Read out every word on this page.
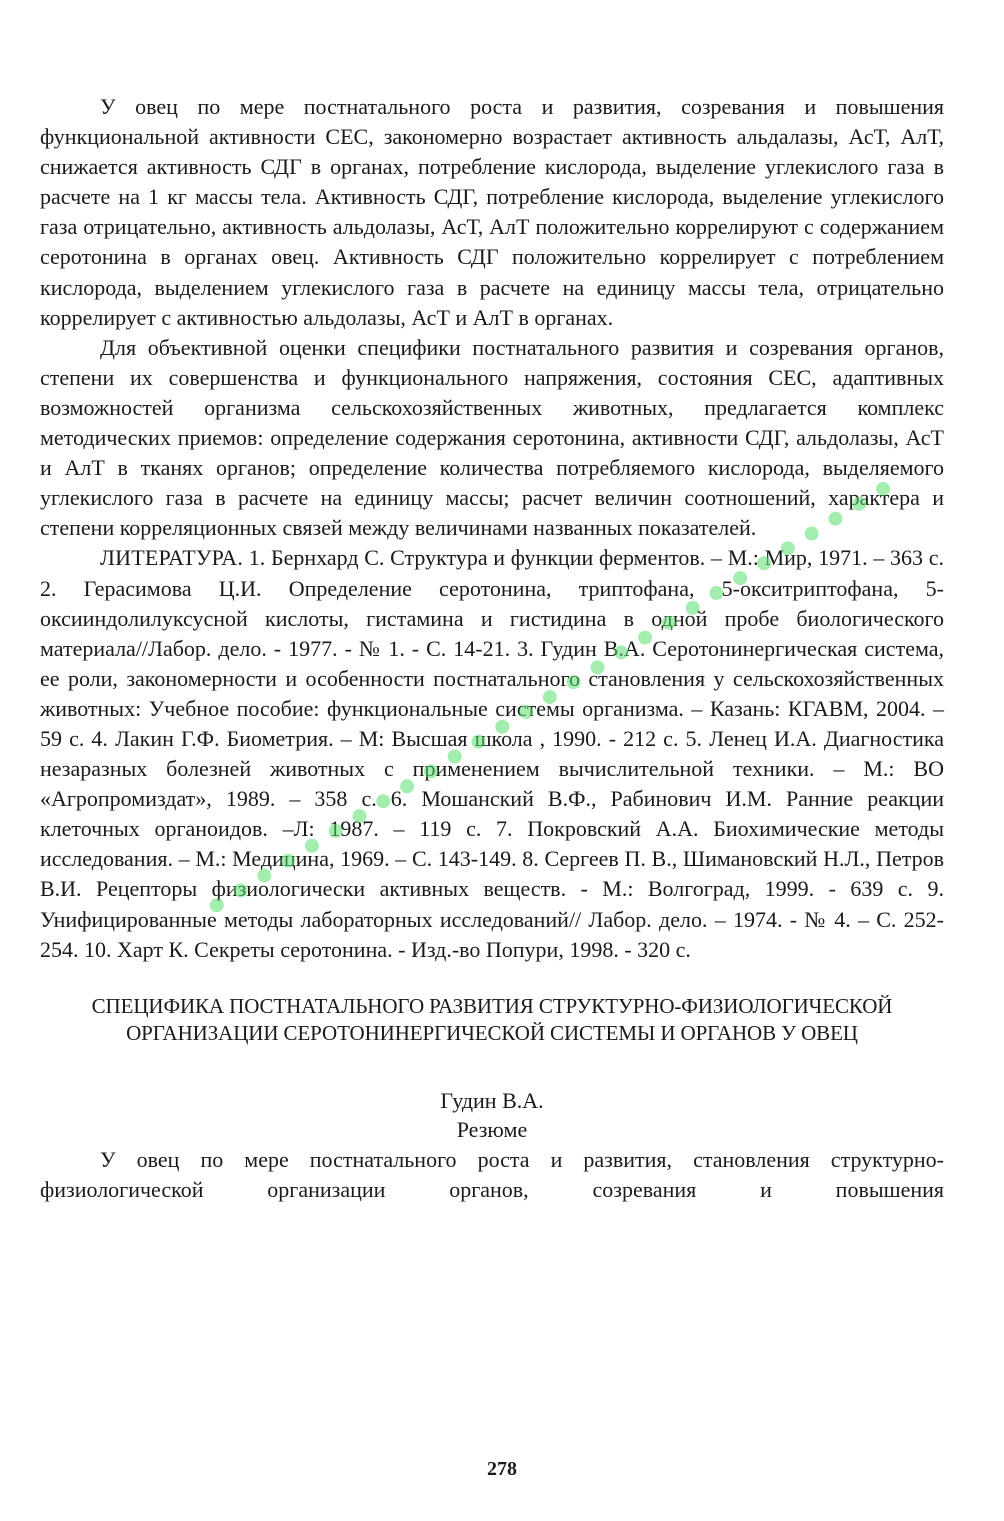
У овец по мере постнатального роста и развития, созревания и повышения функциональной активности СЕС, закономерно возрастает активность альдалазы, АсТ, АлТ, снижается активность СДГ в органах, потребление кислорода, выделение углекислого газа в расчете на 1 кг массы тела. Активность СДГ, потребление кислорода, выделение углекислого газа отрицательно, активность альдолазы, АсТ, АлТ положительно коррелируют с содержанием серотонина в органах овец. Активность СДГ положительно коррелирует с потреблением кислорода, выделением углекислого газа в расчете на единицу массы тела, отрицательно коррелирует с активностью альдолазы, АсТ и АлТ в органах.

Для объективной оценки специфики постнатального развития и созревания органов, степени их совершенства и функционального напряжения, состояния СЕС, адаптивных возможностей организма сельскохозяйственных животных, предлагается комплекс методических приемов: определение содержания серотонина, активности СДГ, альдолазы, АсТ и АлТ в тканях органов; определение количества потребляемого кислорода, выделяемого углекислого газа в расчете на единицу массы; расчет величин соотношений, характера и степени корреляционных связей между величинами названных показателей.

ЛИТЕРАТУРА. 1. Бернхард С. Структура и функции ферментов. – М.: Мир, 1971. – 363 с. 2. Герасимова Ц.И. Определение серотонина, триптофана, 5-окситриптофана, 5-оксииндолилуксусной кислоты, гистамина и гистидина в одной пробе биологического материала//Лабор. дело. - 1977. - № 1. - С. 14-21. 3. Гудин В.А. Серотонинергическая система, ее роли, закономерности и особенности постнатального становления у сельскохозяйственных животных: Учебное пособие: функциональные системы организма. – Казань: КГАВМ, 2004. – 59 с. 4. Лакин Г.Ф. Биометрия. – М: Высшая школа , 1990. - 212 с. 5. Ленец И.А. Диагностика незаразных болезней животных с применением вычислительной техники. – М.: ВО «Агропромиздат», 1989. – 358 с. 6. Мошанский В.Ф., Рабинович И.М. Ранние реакции клеточных органоидов. –Л: 1987. – 119 с. 7. Покровский А.А. Биохимические методы исследования. – М.: Медицина, 1969. – С. 143-149. 8. Сергеев П. В., Шимановский Н.Л., Петров В.И. Рецепторы физиологически активных веществ. - М.: Волгоград, 1999. - 639 с. 9. Унифицированные методы лабораторных исследований// Лабор. дело. – 1974. - № 4. – С. 252-254. 10. Харт К. Секреты серотонина. - Изд.-во Попури, 1998. - 320 с.

СПЕЦИФИКА ПОСТНАТАЛЬНОГО РАЗВИТИЯ СТРУКТУРНО-ФИЗИОЛОГИЧЕСКОЙ
ОРГАНИЗАЦИИ СЕРОТОНИНЕРГИЧЕСКОЙ СИСТЕМЫ И ОРГАНОВ У ОВЕЦ
Гудин В.А.
Резюме

У овец по мере постнатального роста и развития, становления структурно-физиологической организации органов, созревания и повышения

278
